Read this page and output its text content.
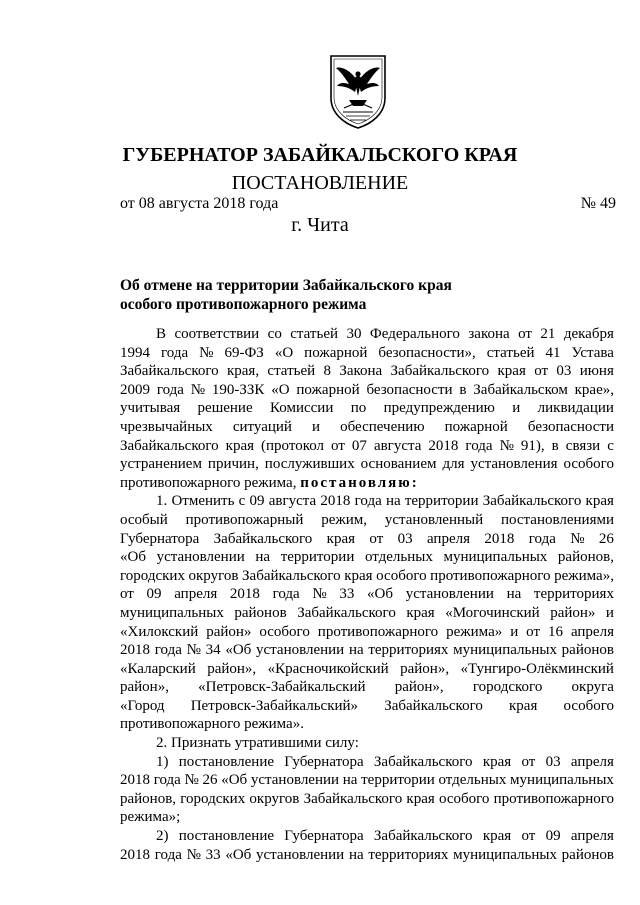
ГУБЕРНАТОР ЗАБАЙКАЛЬСКОГО КРАЯ
ПОСТАНОВЛЕНИЕ
от 08 августа 2018 года	№ 49
г. Чита
Об отмене на территории Забайкальского края
особого противопожарного режима
В соответствии со статьей 30 Федерального закона от 21 декабря
1994 года № 69-ФЗ «О пожарной безопасности», статьей 41 Устава
Забайкальского края, статьей 8 Закона Забайкальского края от 03 июня
2009 года № 190-ЗЗК «О пожарной безопасности в Забайкальском крае»,
учитывая решение Комиссии по предупреждению и ликвидации
чрезвычайных ситуаций и обеспечению пожарной безопасности
Забайкальского края (протокол от 07 августа 2018 года № 91), в связи с
устранением причин, послуживших основанием для установления особого
противопожарного режима, постановляю:
1. Отменить с 09 августа 2018 года на территории Забайкальского края
особый противопожарный режим, установленный постановлениями
Губернатора Забайкальского края от 03 апреля 2018 года № 26
«Об установлении на территории отдельных муниципальных районов,
городских округов Забайкальского края особого противопожарного режима»,
от 09 апреля 2018 года № 33 «Об установлении на территориях
муниципальных районов Забайкальского края «Могочинский район» и
«Хилокский район» особого противопожарного режима» и от 16 апреля
2018 года № 34 «Об установлении на территориях муниципальных районов
«Каларский район», «Красночикойский район», «Тунгиро-Олёкминский
район», «Петровск-Забайкальский район», городского округа
«Город Петровск-Забайкальский» Забайкальского края особого
противопожарного режима».
2. Признать утратившими силу:
1) постановление Губернатора Забайкальского края от 03 апреля
2018 года № 26 «Об установлении на территории отдельных муниципальных
районов, городских округов Забайкальского края особого противопожарного
режима»;
2) постановление Губернатора Забайкальского края от 09 апреля
2018 года № 33 «Об установлении на территориях муниципальных районов
